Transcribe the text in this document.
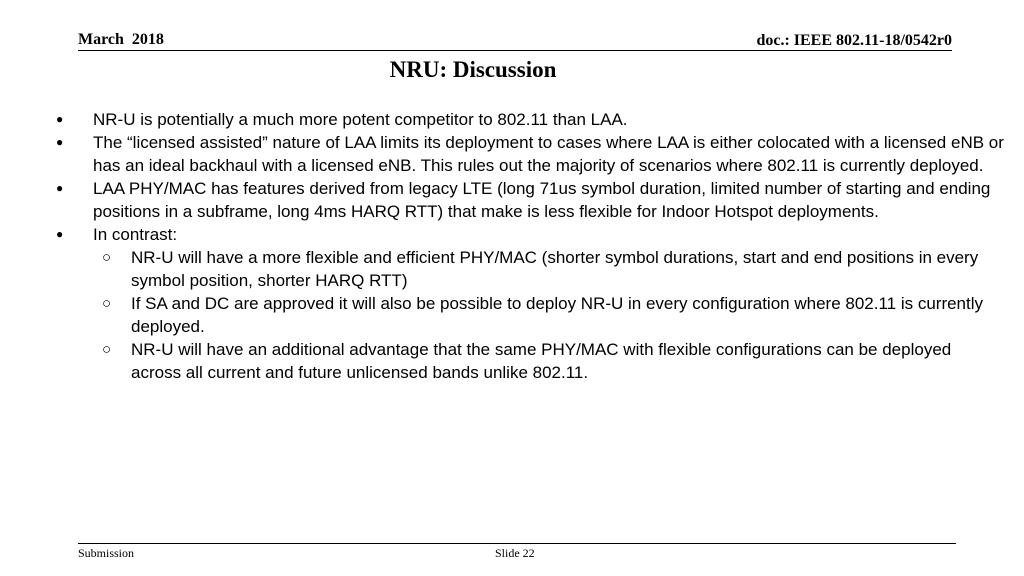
March  2018	doc.: IEEE 802.11-18/0542r0
NRU: Discussion
●	NR-U is potentially a much more potent competitor to 802.11 than LAA.
●	The “licensed assisted” nature of LAA limits its deployment to cases where LAA is either colocated with a licensed eNB or has an ideal backhaul with a licensed eNB. This rules out the majority of scenarios where 802.11 is currently deployed.
●	LAA PHY/MAC has features derived from legacy LTE (long 71us symbol duration, limited number of starting and ending positions in a subframe, long 4ms HARQ RTT) that make is less flexible for Indoor Hotspot deployments.
●	In contrast:
○	NR-U will have a more flexible and efficient PHY/MAC (shorter symbol durations, start and end positions in every symbol position, shorter HARQ RTT)
○	If SA and DC are approved it will also be possible to deploy NR-U in every configuration where 802.11 is currently deployed.
○	NR-U will have an additional advantage that the same PHY/MAC with flexible configurations can be deployed across all current and future unlicensed bands unlike 802.11.
Submission	Slide 22
